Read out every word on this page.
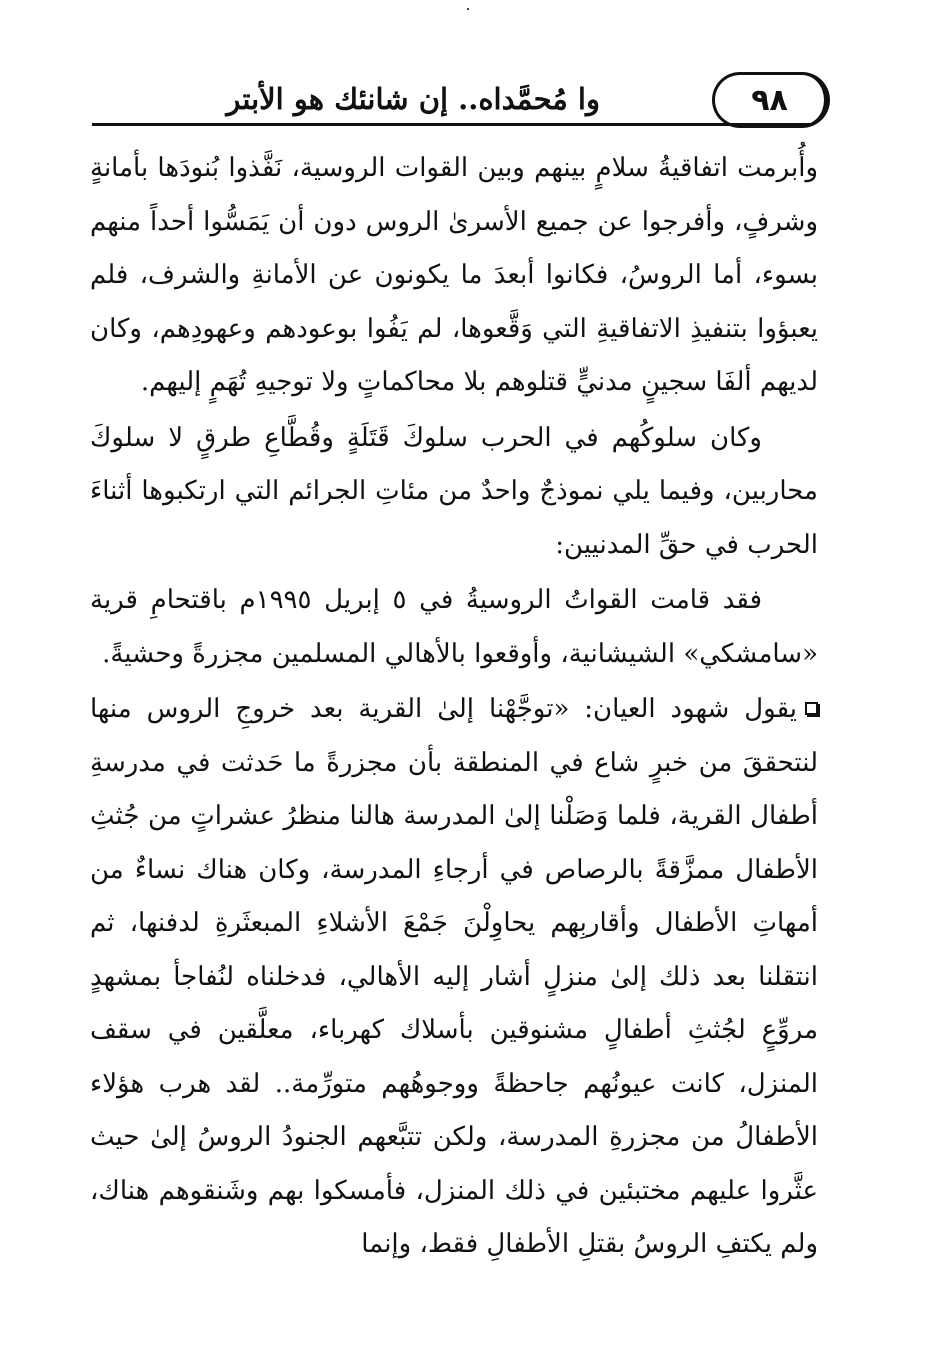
وا مُحمَّداه.. إن شانئك هو الأبتر	٩٨

وأُبرمت اتفاقيةُ سلامٍ بينهم وبين القوات الروسية، نَفَّذوا بُنودَها بأمانةٍ وشرفٍ، وأفرجوا عن جميع الأسرىٰ الروس دون أن يَمَسُّوا أحداً منهم بسوء، أما الروسُ، فكانوا أبعدَ ما يكونون عن الأمانةِ والشرف، فلم يعبؤوا بتنفيذِ الاتفاقيةِ التي وَقَّعوها، لم يَفُوا بوعودهم وعهودِهم، وكان لديهم ألفَا سجينٍ مدنيٍّ قتلوهم بلا محاكماتٍ ولا توجيهِ تُهَمٍ إليهم.

وكان سلوكُهم في الحرب سلوكَ قَتَلَةٍ وقُطَّاعِ طرقٍ لا سلوكَ محاربين، وفيما يلي نموذجٌ واحدٌ من مئاتِ الجرائم التي ارتكبوها أثناءَ الحرب في حقِّ المدنيين:

فقد قامت القواتُ الروسيةُ في ٥ إبريل ١٩٩٥م باقتحامِ قرية «سامشكي» الشيشانية، وأوقعوا بالأهالي المسلمين مجزرةً وحشيةً.

يقول شهود العيان: «توجَّهْنا إلىٰ القرية بعد خروجِ الروس منها لنتحققَ من خبرٍ شاع في المنطقة بأن مجزرةً ما حَدثت في مدرسةِ أطفال القرية، فلما وَصَلْنا إلىٰ المدرسة هالنا منظرُ عشراتٍ من جُثثِ الأطفال ممزَّقةً بالرصاص في أرجاءِ المدرسة، وكان هناك نساءٌ من أمهاتِ الأطفال وأقاربِهم يحاوِلْنَ جَمْعَ الأشلاءِ المبعثَرةِ لدفنها، ثم انتقلنا بعد ذلك إلىٰ منزلٍ أشار إليه الأهالي، فدخلناه لنُفاجأ بمشهدٍ مروِّعٍ لجُثثِ أطفالٍ مشنوقين بأسلاك كهرباء، معلَّقين في سقف المنزل، كانت عيونُهم جاحظةً ووجوهُهم متورِّمة.. لقد هرب هؤلاء الأطفالُ من مجزرةِ المدرسة، ولكن تتبَّعهم الجنودُ الروسُ إلىٰ حيث عثَّروا عليهم مختبئين في ذلك المنزل، فأمسكوا بهم وشَنقوهم هناك، ولم يكتفِ الروسُ بقتلِ الأطفالِ فقط، وإنما
